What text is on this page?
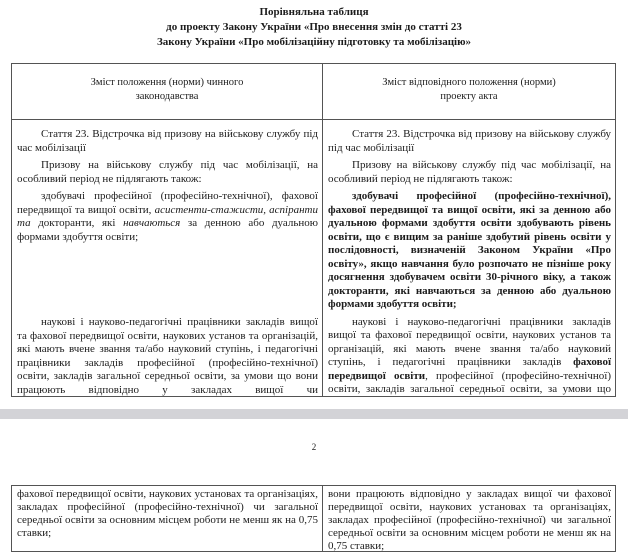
Порівняльна таблиця
до проекту Закону України «Про внесення змін до статті 23
Закону України «Про мобілізаційну підготовку та мобілізацію»
Зміст положення (норми) чинного законодавства
Зміст відповідного положення (норми) проекту акта

Стаття 23. Відстрочка від призову на військову службу під час мобілізації

Призову на військову службу під час мобілізації, на особливий період не підлягають також:

здобувачі професійної (професійно-технічної), фахової передвищої та вищої освіти, асистенти-стажисти, аспіранти та докторанти, які навчаються за денною або дуальною формами здобуття освіти;

наукові і науково-педагогічні працівники закладів вищої та фахової передвищої освіти, наукових установ та організацій, які мають вчене звання та/або науковий ступінь, і педагогічні працівники закладів професійної (професійно-технічної) освіти, закладів загальної середньої освіти, за умови що вони працюють відповідно у закладах вищої чи

Стаття 23. Відстрочка від призову на військову службу під час мобілізації

Призову на військову службу під час мобілізації, на особливий період не підлягають також:

здобувачі професійної (професійно-технічної), фахової передвищої та вищої освіти, які за денною або дуальною формами здобуття освіти здобувають рівень освіти, що є вищим за раніше здобутий рівень освіти у послідовності, визначеній Законом України «Про освіту», якщо навчання було розпочато не пізніше року досягнення здобувачем освіти 30-річного віку, а також докторанти, які навчаються за денною або дуальною формами здобуття освіти;

наукові і науково-педагогічні працівники закладів вищої та фахової передвищої освіти, наукових установ та організацій, які мають вчене звання та/або науковий ступінь, і педагогічні працівники закладів фахової передвищої освіти, професійної (професійно-технічної) освіти, закладів загальної середньої освіти, за умови що

2

фахової передвищої освіти, наукових установах та організаціях, закладах професійної (професійно-технічної) чи загальної середньої освіти за основним місцем роботи не менш як на 0,75 ставки;

вони працюють відповідно у закладах вищої чи фахової передвищої освіти, наукових установах та організаціях, закладах професійної (професійно-технічної) чи загальної середньої освіти за основним місцем роботи не менш як на 0,75 ставки;
